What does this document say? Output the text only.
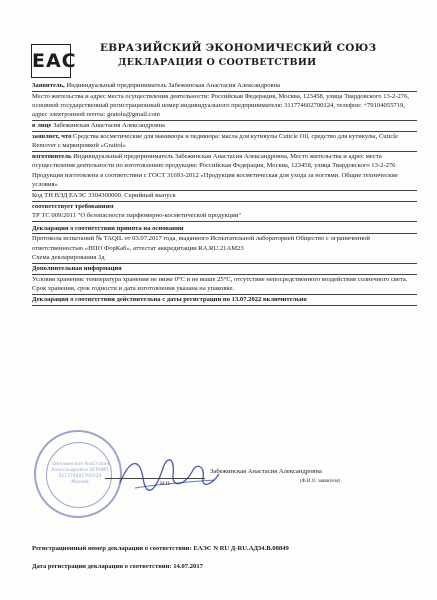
EAC
ЕВРАЗИЙСКИЙ ЭКОНОМИЧЕСКИЙ СОЮЗ
ДЕКЛАРАЦИЯ О СООТВЕТСТВИИ

Заявитель, Индивидуальный предприниматель Забежинская Анастасия Александровна

Место жительства и адрес места осуществления деятельности: Российская Федерация, Москва, 123458, улица Твардовского 13-2-276, основной государственный регистрационный номер индивидуального предпринимателя: 311774602700124, телефон: +79104055719, адрес электронной почты: gratolu@gmail.com

в лице Забежинская Анастасия Александровна

заявляет, что Средства косметические для маникюра и педикюра: масла для кутикулы Cuticle Oil, средство для кутикулы, Cuticle Remover с маркировкой «Grattol»

изготовитель Индивидуальный предприниматель Забежинская Анастасия Александровна, Место жительства и адрес места осуществления деятельности по изготовлению продукции: Российская Федерация, Москва, 123458, улица Твардовского 13-2-276 Продукция изготовлена в соответствии с ГОСТ 31693-2012 «Продукция косметическая для ухода за ногтями. Общие технические условия»

Код ТН ВЭД ЕАЭС 3304300000. Серийный выпуск

соответствует требованиям

ТР ТС 009/2011 "О безопасности парфюмерно-косметической продукции"

Декларация о соответствии принята на основании

Протокола испытаний № TAQIL от 03.07.2017 года, выданного Испытательной лабораторией Общество с ограниченной ответственностью «НПО ФорКаб», аттестат аккредитации RA.RU.21AM23

Схема декларирования 3д

Дополнительная информация

Условия хранения: температура хранения не ниже 0°С и не выше 25°С, отсутствие непосредственного воздействия солнечного света. Срок хранения, срок годности и дата изготовления указана на упаковке.

Декларация о соответствии действительна с даты регистрации по 13.07.2022 включительно

Забежинская Анастасия Александровна ОГРНИП 311774602700124 Москва
Забежинская Анастасия Александровна
(Ф.И.О. заявителя)
М.П.
Регистрационный номер декларации о соответствии: ЕАЭС N RU Д-RU.АД34.В.08849
Дата регистрации декларации о соответствии: 14.07.2017
